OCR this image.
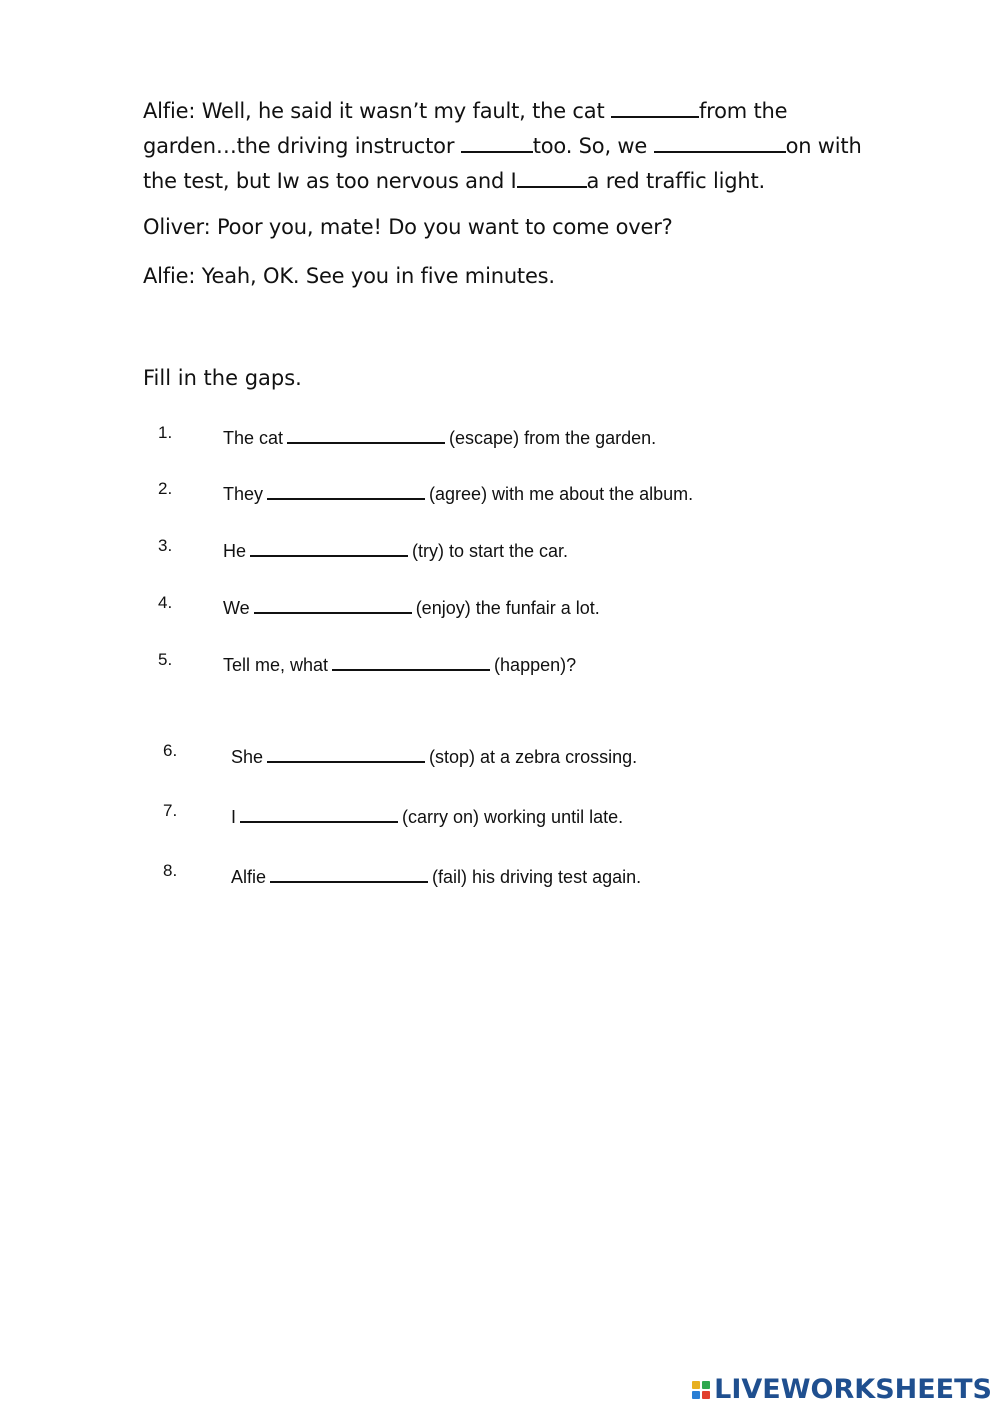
Alfie: Well, he said it wasn’t my fault, the cat	from the
garden…the driving instructor	too. So, we	on with
the test, but Iw as too nervous and I	a red traffic light.
Oliver: Poor you, mate! Do you want to come over?
Alfie: Yeah, OK. See you in five minutes.
Fill in the gaps.
1.	The cat	(escape) from the garden.
2.	They	(agree) with me about the album.
3.	He	(try) to start the car.
4.	We	(enjoy) the funfair a lot.
5.	Tell me, what	(happen)?
6.	She	(stop) at a zebra crossing.
7.	I	(carry on) working until late.
8.	Alfie	(fail) his driving test again.
LIVEWORKSHEETS
